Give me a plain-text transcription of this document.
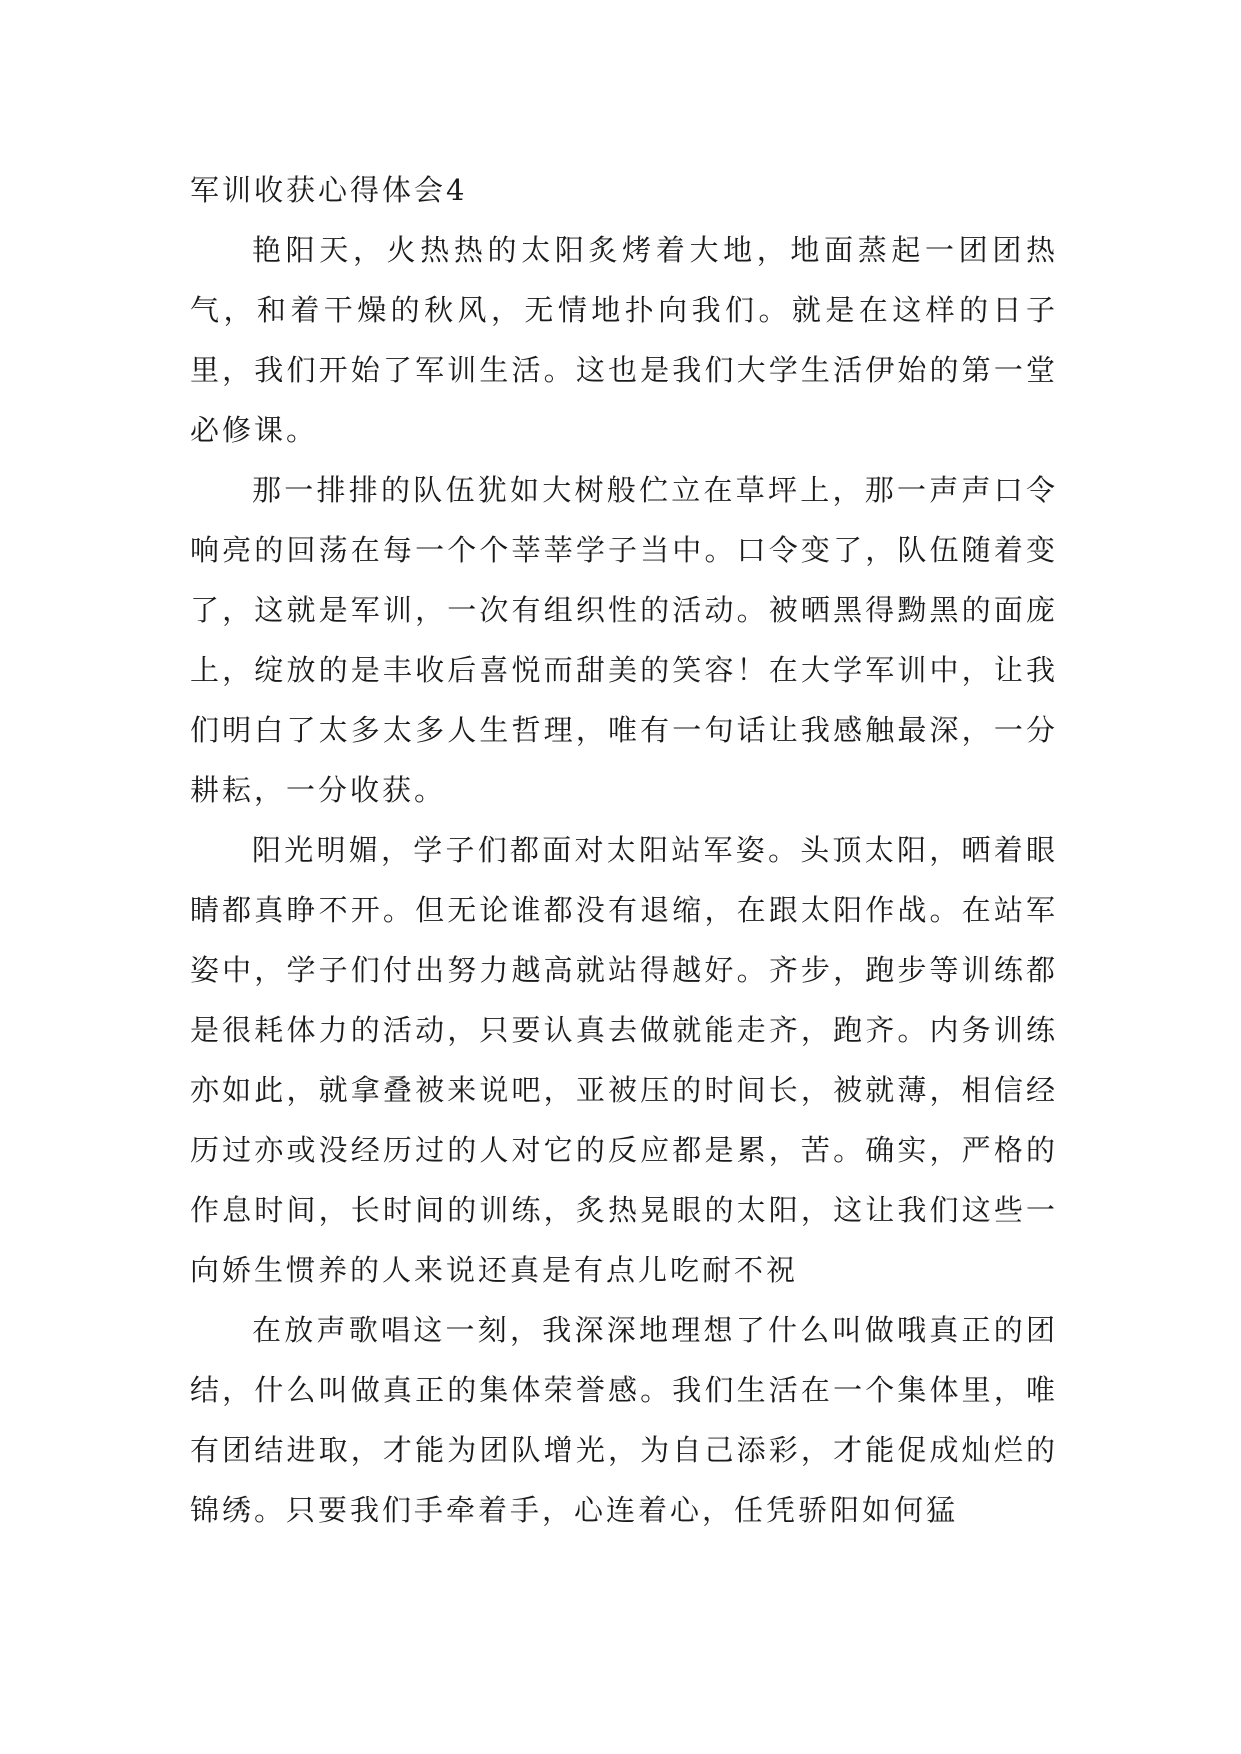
军训收获心得体会4

艳阳天，火热热的太阳炙烤着大地，地面蒸起一团团热气，和着干燥的秋风，无情地扑向我们。就是在这样的日子里，我们开始了军训生活。这也是我们大学生活伊始的第一堂必修课。

那一排排的队伍犹如大树般伫立在草坪上，那一声声口令响亮的回荡在每一个个莘莘学子当中。口令变了，队伍随着变了，这就是军训，一次有组织性的活动。被晒黑得黝黑的面庞上，绽放的是丰收后喜悦而甜美的笑容！在大学军训中，让我们明白了太多太多人生哲理，唯有一句话让我感触最深，一分耕耘，一分收获。

阳光明媚，学子们都面对太阳站军姿。头顶太阳，晒着眼睛都真睁不开。但无论谁都没有退缩，在跟太阳作战。在站军姿中，学子们付出努力越高就站得越好。齐步，跑步等训练都是很耗体力的活动，只要认真去做就能走齐，跑齐。内务训练亦如此，就拿叠被来说吧，亚被压的时间长，被就薄，相信经历过亦或没经历过的人对它的反应都是累，苦。确实，严格的作息时间，长时间的训练，炙热晃眼的太阳，这让我们这些一向娇生惯养的人来说还真是有点儿吃耐不祝

在放声歌唱这一刻，我深深地理想了什么叫做哦真正的团结，什么叫做真正的集体荣誉感。我们生活在一个集体里，唯有团结进取，才能为团队增光，为自己添彩，才能促成灿烂的锦绣。只要我们手牵着手，心连着心，任凭骄阳如何猛
